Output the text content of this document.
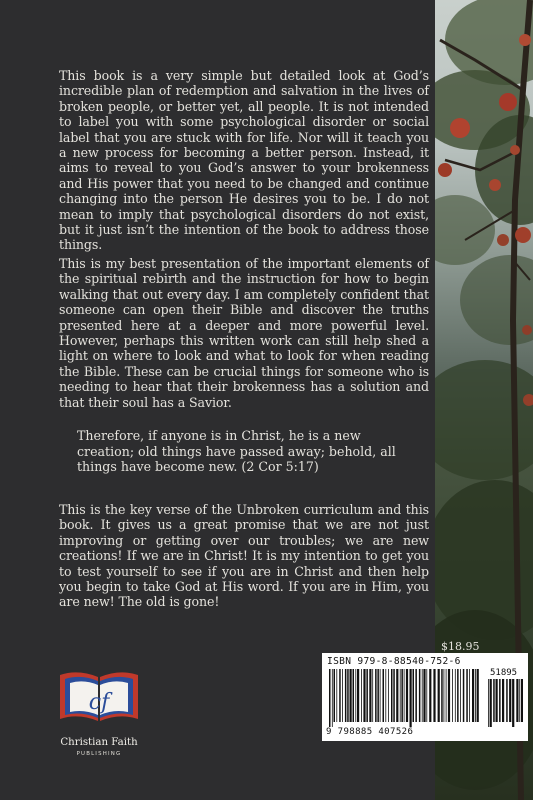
This book is a very simple but detailed look at God’s incredible plan of redemption and salvation in the lives of broken people, or better yet, all people. It is not intended to label you with some psychological disorder or social label that you are stuck with for life. Nor will it teach you a new process for becoming a better person. Instead, it aims to reveal to you God’s answer to your brokenness and His power that you need to be changed and continue changing into the person He desires you to be. I do not mean to imply that psychological disorders do not exist, but it just isn’t the intention of the book to address those things.

This is my best presentation of the important elements of the spiritual rebirth and the instruction for how to begin walking that out every day. I am completely confident that someone can open their Bible and discover the truths presented here at a deeper and more powerful level. However, perhaps this written work can still help shed a light on where to look and what to look for when reading the Bible. These can be crucial things for someone who is needing to hear that their brokenness has a solution and that their soul has a Savior.

Therefore, if anyone is in Christ, he is a new creation; old things have passed away; behold, all things have become new. (2 Cor 5:17)

This is the key verse of the Unbroken curriculum and this book. It gives us a great promise that we are not just improving or getting over our troubles; we are new creations! If we are in Christ! It is my intention to get you to test yourself to see if you are in Christ and then help you begin to take God at His word. If you are in Him, you are new! The old is gone!

$18.95
ISBN 979-8-88540-752-6
51895
9 798885 407526
cf
Christian Faith
PUBLISHING
